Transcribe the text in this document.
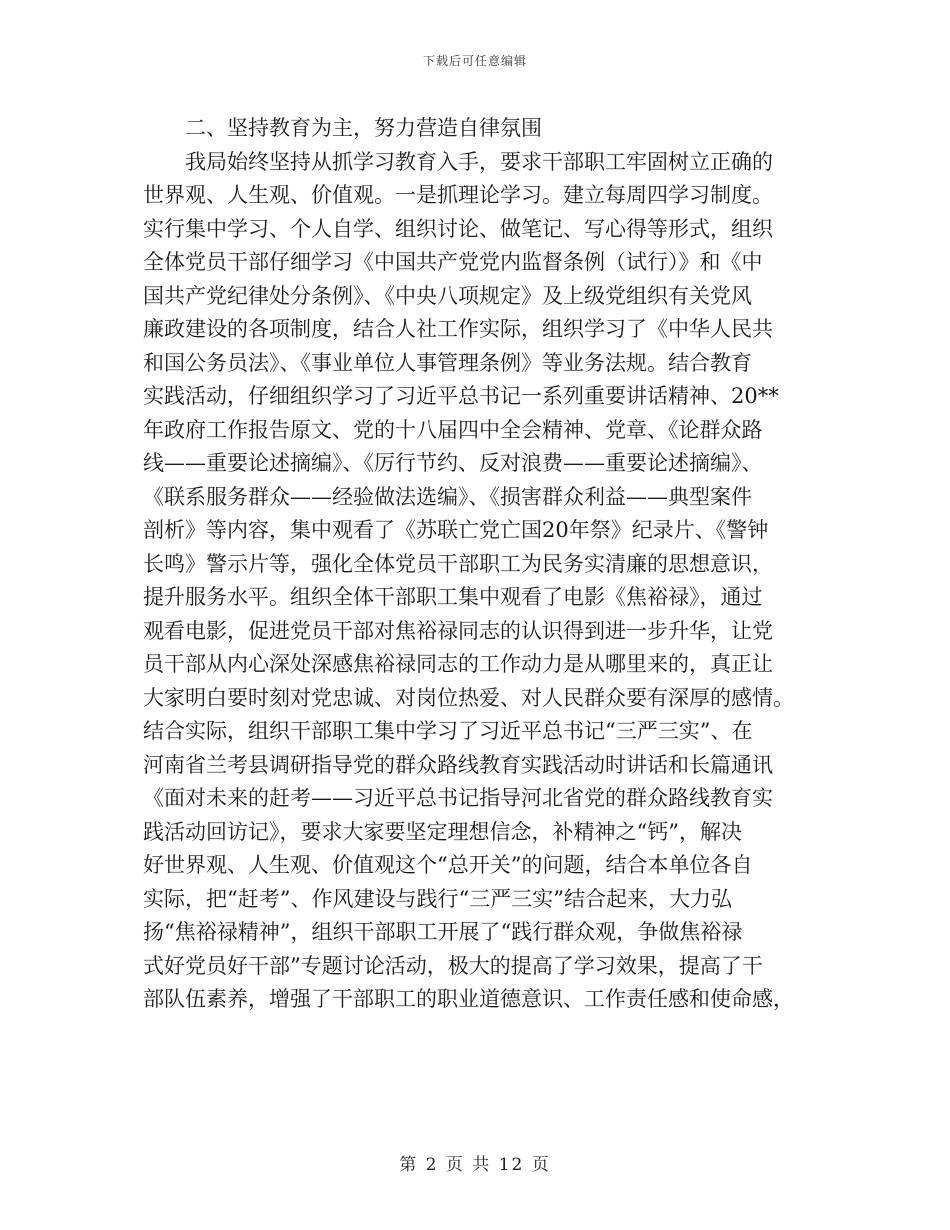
下载后可任意编辑
二、坚持教育为主，努力营造自律氛围
我局始终坚持从抓学习教育入手，要求干部职工牢固树立正确的
世界观、人生观、价值观。一是抓理论学习。建立每周四学习制度。
实行集中学习、个人自学、组织讨论、做笔记、写心得等形式，组织
全体党员干部仔细学习《中国共产党党内监督条例（试行）》和《中
国共产党纪律处分条例》、《中央八项规定》及上级党组织有关党风
廉政建设的各项制度，结合人社工作实际，组织学习了《中华人民共
和国公务员法》、《事业单位人事管理条例》等业务法规。结合教育
实践活动，仔细组织学习了习近平总书记一系列重要讲话精神、20**
年政府工作报告原文、党的十八届四中全会精神、党章、《论群众路
线——重要论述摘编》、《厉行节约、反对浪费——重要论述摘编》、
《联系服务群众——经验做法选编》、《损害群众利益——典型案件
剖析》等内容，集中观看了《苏联亡党亡国20年祭》纪录片、《警钟
长鸣》警示片等，强化全体党员干部职工为民务实清廉的思想意识，
提升服务水平。组织全体干部职工集中观看了电影《焦裕禄》，通过
观看电影，促进党员干部对焦裕禄同志的认识得到进一步升华，让党
员干部从内心深处深感焦裕禄同志的工作动力是从哪里来的，真正让
大家明白要时刻对党忠诚、对岗位热爱、对人民群众要有深厚的感情。
结合实际，组织干部职工集中学习了习近平总书记“三严三实”、在
河南省兰考县调研指导党的群众路线教育实践活动时讲话和长篇通讯
《面对未来的赶考——习近平总书记指导河北省党的群众路线教育实
践活动回访记》，要求大家要坚定理想信念，补精神之“钙”，解决
好世界观、人生观、价值观这个“总开关”的问题，结合本单位各自
实际，把“赶考”、作风建设与践行“三严三实”结合起来，大力弘
扬“焦裕禄精神”，组织干部职工开展了“践行群众观，争做焦裕禄
式好党员好干部”专题讨论活动，极大的提高了学习效果，提高了干
部队伍素养，增强了干部职工的职业道德意识、工作责任感和使命感，
第 2 页 共 12 页
